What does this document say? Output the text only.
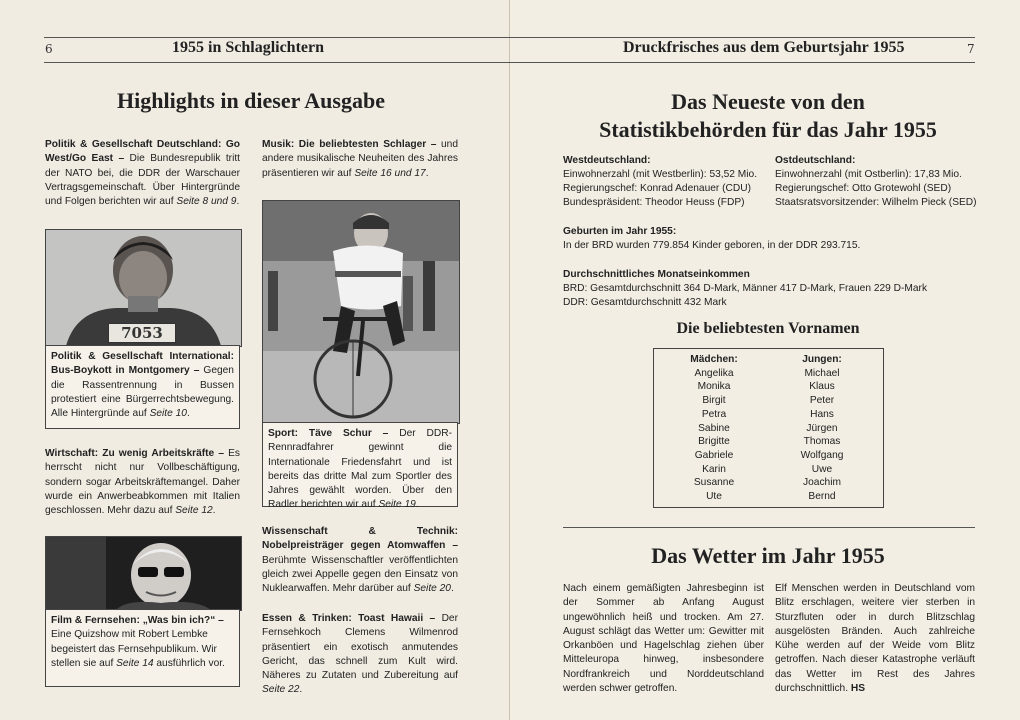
6	1955 in Schlaglichtern
Highlights in dieser Ausgabe
Politik & Gesellschaft Deutschland: Go West/Go East – Die Bundesrepublik tritt der NATO bei, die DDR der Warschauer Vertragsgemeinschaft. Über Hintergründe und Folgen berichten wir auf Seite 8 und 9.
7053
Politik & Gesellschaft International: Bus-Boykott in Montgomery – Gegen die Rassentrennung in Bussen protestiert eine Bürgerrechtsbewegung. Alle Hintergründe auf Seite 10.
Wirtschaft: Zu wenig Arbeitskräfte – Es herrscht nicht nur Vollbeschäftigung, sondern sogar Arbeitskräftemangel. Daher wurde ein Anwerbeabkommen mit Italien geschlossen. Mehr dazu auf Seite 12.
Film & Fernsehen: „Was bin ich?“ – Eine Quizshow mit Robert Lembke begeistert das Fernsehpublikum. Wir stellen sie auf Seite 14 ausführlich vor.
Musik: Die beliebtesten Schlager – und andere musikalische Neuheiten des Jahres präsentieren wir auf Seite 16 und 17.
Sport: Täve Schur – Der DDR-Rennradfahrer gewinnt die Internationale Friedensfahrt und ist bereits das dritte Mal zum Sportler des Jahres gewählt worden. Über den Radler berichten wir auf Seite 19.
Wissenschaft & Technik: Nobelpreisträger gegen Atomwaffen – Berühmte Wissenschaftler veröffentlichten gleich zwei Appelle gegen den Einsatz von Nuklearwaffen. Mehr darüber auf Seite 20.
Essen & Trinken: Toast Hawaii – Der Fernsehkoch Clemens Wilmenrod präsentiert ein exotisch anmutendes Gericht, das schnell zum Kult wird. Näheres zu Zutaten und Zubereitung auf Seite 22.
Druckfrisches aus dem Geburtsjahr 1955	7
Das Neueste von den
Statistikbehörden für das Jahr 1955
Westdeutschland:
Einwohnerzahl (mit Westberlin): 53,52 Mio.
Regierungschef: Konrad Adenauer (CDU)
Bundespräsident: Theodor Heuss (FDP)
Ostdeutschland:
Einwohnerzahl (mit Ostberlin): 17,83 Mio.
Regierungschef: Otto Grotewohl (SED)
Staatsratsvorsitzender: Wilhelm Pieck (SED)
Geburten im Jahr 1955:
In der BRD wurden 779.854 Kinder geboren, in der DDR 293.715.
Durchschnittliches Monatseinkommen
BRD: Gesamtdurchschnitt 364 D-Mark, Männer 417 D-Mark, Frauen 229 D-Mark
DDR: Gesamtdurchschnitt 432 Mark
Die beliebtesten Vornamen
Mädchen:
Angelika
Monika
Birgit
Petra
Sabine
Brigitte
Gabriele
Karin
Susanne
Ute
Jungen:
Michael
Klaus
Peter
Hans
Jürgen
Thomas
Wolfgang
Uwe
Joachim
Bernd
Das Wetter im Jahr 1955
Nach einem gemäßigten Jahresbeginn ist der Sommer ab Anfang August ungewöhnlich heiß und trocken. Am 27. August schlägt das Wetter um: Gewitter mit Orkanböen und Hagelschlag ziehen über Mitteleuropa hinweg, insbesondere Nordfrankreich und Norddeutschland werden schwer getroffen.
Elf Menschen werden in Deutschland vom Blitz erschlagen, weitere vier sterben in Sturzfluten oder in durch Blitzschlag ausgelösten Bränden. Auch zahlreiche Kühe werden auf der Weide vom Blitz getroffen. Nach dieser Katastrophe verläuft das Wetter im Rest des Jahres durchschnittlich. HS
